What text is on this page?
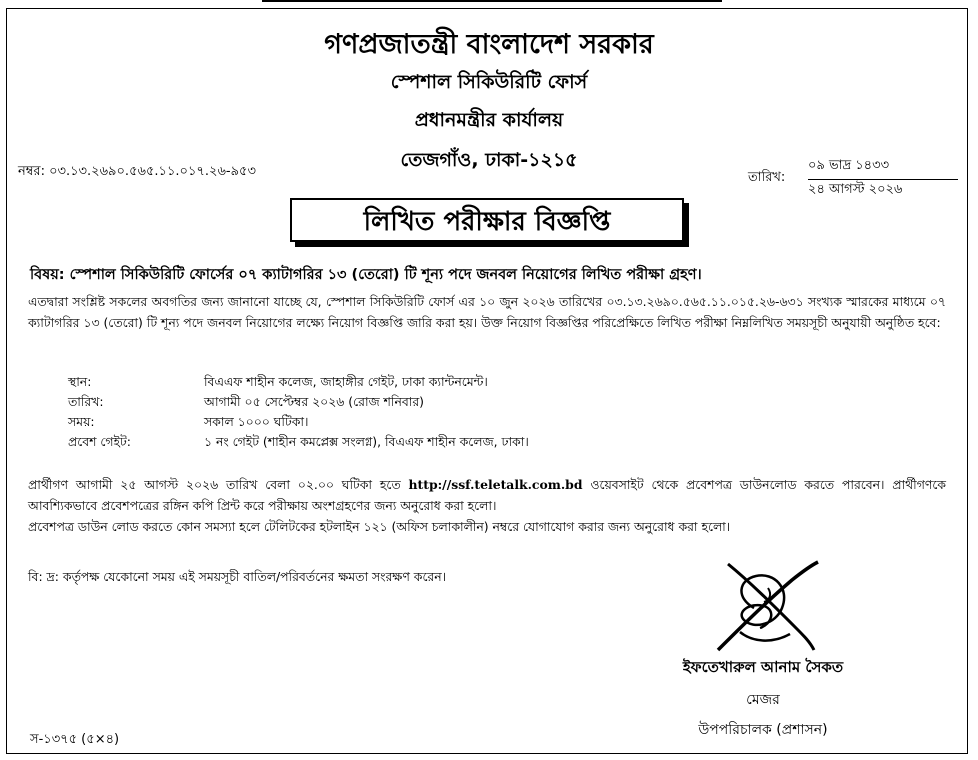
গণপ্রজাতন্ত্রী বাংলাদেশ সরকার
স্পেশাল সিকিউরিটি ফোর্স
প্রধানমন্ত্রীর কার্যালয়
তেজগাঁও, ঢাকা-১২১৫
নম্বর: ০৩.১৩.২৬৯০.৫৬৫.১১.০১৭.২৬-৯৫৩	তারিখ:
০৯ ভাদ্র ১৪৩৩
২৪ আগস্ট ২০২৬
লিখিত পরীক্ষার বিজ্ঞপ্তি
বিষয়: স্পেশাল সিকিউরিটি ফোর্সের ০৭ ক্যাটাগরির ১৩ (তেরো) টি শূন্য পদে জনবল নিয়োগের লিখিত পরীক্ষা গ্রহণ।
এতদ্বারা সংশ্লিষ্ট সকলের অবগতির জন্য জানানো যাচ্ছে যে, স্পেশাল সিকিউরিটি ফোর্স এর ১০ জুন ২০২৬ তারিখের ০৩.১৩.২৬৯০.৫৬৫.১১.০১৫.২৬-৬৩১ সংখ্যক স্মারকের মাধ্যমে ০৭ ক্যাটাগরির ১৩ (তেরো) টি শূন্য পদে জনবল নিয়োগের লক্ষ্যে নিয়োগ বিজ্ঞপ্তি জারি করা হয়। উক্ত নিয়োগ বিজ্ঞপ্তির পরিপ্রেক্ষিতে লিখিত পরীক্ষা নিম্নলিখিত সময়সূচী অনুযায়ী অনুষ্ঠিত হবে:
স্থান:	বিএএফ শাহীন কলেজ, জাহাঙ্গীর গেইট, ঢাকা ক্যান্টনমেন্ট।
তারিখ:	আগামী ০৫ সেপ্টেম্বর ২০২৬ (রোজ শনিবার)
সময়:	সকাল ১০০০ ঘটিকা।
প্রবেশ গেইট:	১ নং গেইট (শাহীন কমপ্লেক্স সংলগ্ন), বিএএফ শাহীন কলেজ, ঢাকা।
প্রার্থীগণ আগামী ২৫ আগস্ট ২০২৬ তারিখ বেলা ০২.০০ ঘটিকা হতে http://ssf.teletalk.com.bd ওয়েবসাইট থেকে প্রবেশপত্র ডাউনলোড করতে পারবেন। প্রার্থীগণকে আবশ্যিকভাবে প্রবেশপত্রের রঙ্গিন কপি প্রিন্ট করে পরীক্ষায় অংশগ্রহণের জন্য অনুরোধ করা হলো।
প্রবেশপত্র ডাউন লোড করতে কোন সমস্যা হলে টেলিটকের হটলাইন ১২১ (অফিস চলাকালীন) নম্বরে যোগাযোগ করার জন্য অনুরোধ করা হলো।
বি: দ্র: কর্তৃপক্ষ যেকোনো সময় এই সময়সূচী বাতিল/পরিবর্তনের ক্ষমতা সংরক্ষণ করেন।
ইফতেখারুল আনাম সৈকত
মেজর
উপপরিচালক (প্রশাসন)
স-১৩৭৫ (৫×৪)
